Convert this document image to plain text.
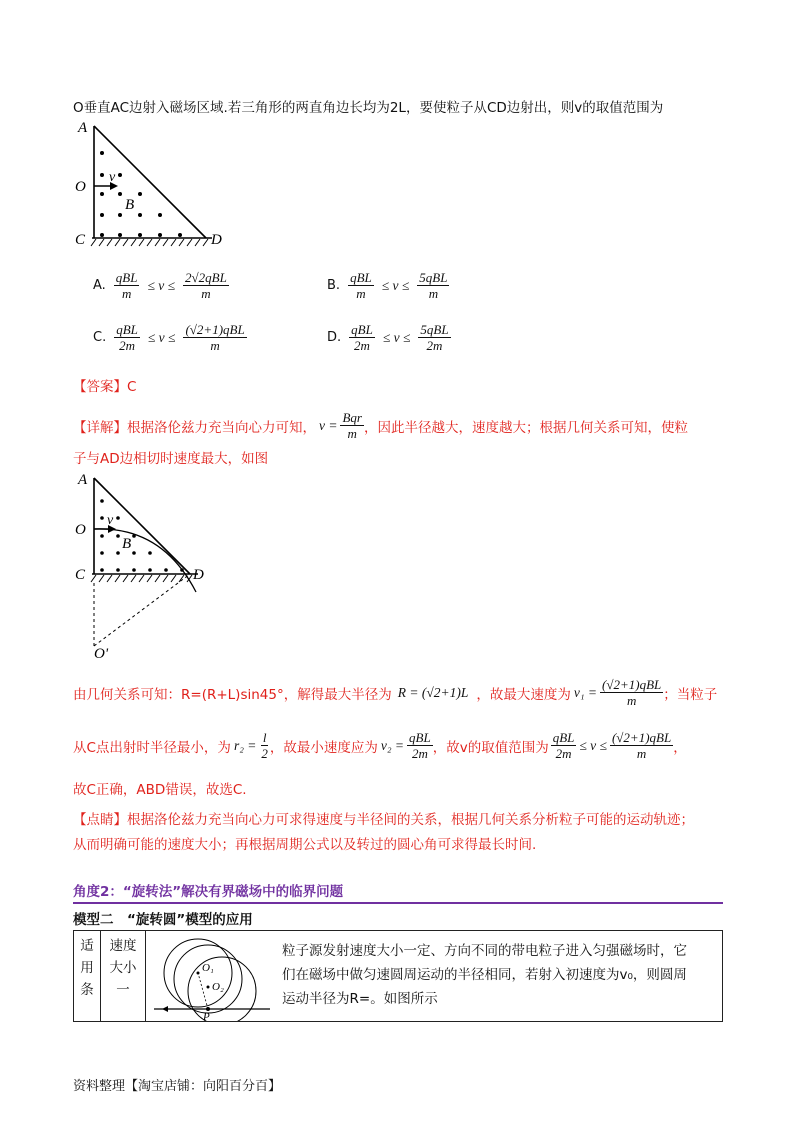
O垂直AC边射入磁场区域.若三角形的两直角边长均为2L，要使粒子从CD边射出，则v的取值范围为
A
O
v
B
C	D
A. $\frac{\text{qBL}}{m} \le v \le \frac{\text{2√2qBL}}{m}$	B. $\frac{\text{qBL}}{m} \le v \le \frac{\text{5qBL}}{m}$
C. $\frac{\text{qBL}}{2m} \le v \le \frac{\text{(√2+1)qBL}}{m}$	D. $\frac{\text{qBL}}{2m} \le v \le \frac{\text{5qBL}}{2m}$
【答案】C
【详解】 根据洛伦兹力充当向心力可知， $v = \frac{\text{Bqr}}{m}$ ，因此半径越大，速度越大；根据几何关系可知，使粒
子与AD边相切时速度最大，如图
A
O
v
B
C	D
O'
由几何关系可知：R=(R+L)sin45°，解得最大半径为 R = (√2+1)L ，故最大速度为 $v_1 = \frac{\text{(√2+1)qBL}}{m}$ ；当粒子
从C点出射时半径最小，为 $r_2 = \frac{l}{2}$ ，故最小速度应为 $v_2 = \frac{\text{qBL}}{2m}$ ，故v的取值范围为 $\frac{\text{qBL}}{2m} \le v \le \frac{\text{(√2+1)qBL}}{m}$ ，
故C正确，ABD错误，故选C.
【点睛】根据洛伦兹力充当向心力可求得速度与半径间的关系，根据几何关系分析粒子可能的运动轨迹；
从而明确可能的速度大小；再根据周期公式以及转过的圆心角可求得最长时间.
角度2：“旋转法”解决有界磁场中的临界问题
模型二　“旋转圆”模型的应用
适
用
条

速度
大小
一

O₁
O₂
P
粒子源发射速度大小一定、方向不同的带电粒子进入匀强磁场时，它
们在磁场中做匀速圆周运动的半径相同，若射入初速度为v₀，则圆周
运动半径为R=。如图所示
资料整理【淘宝店铺：向阳百分百】
